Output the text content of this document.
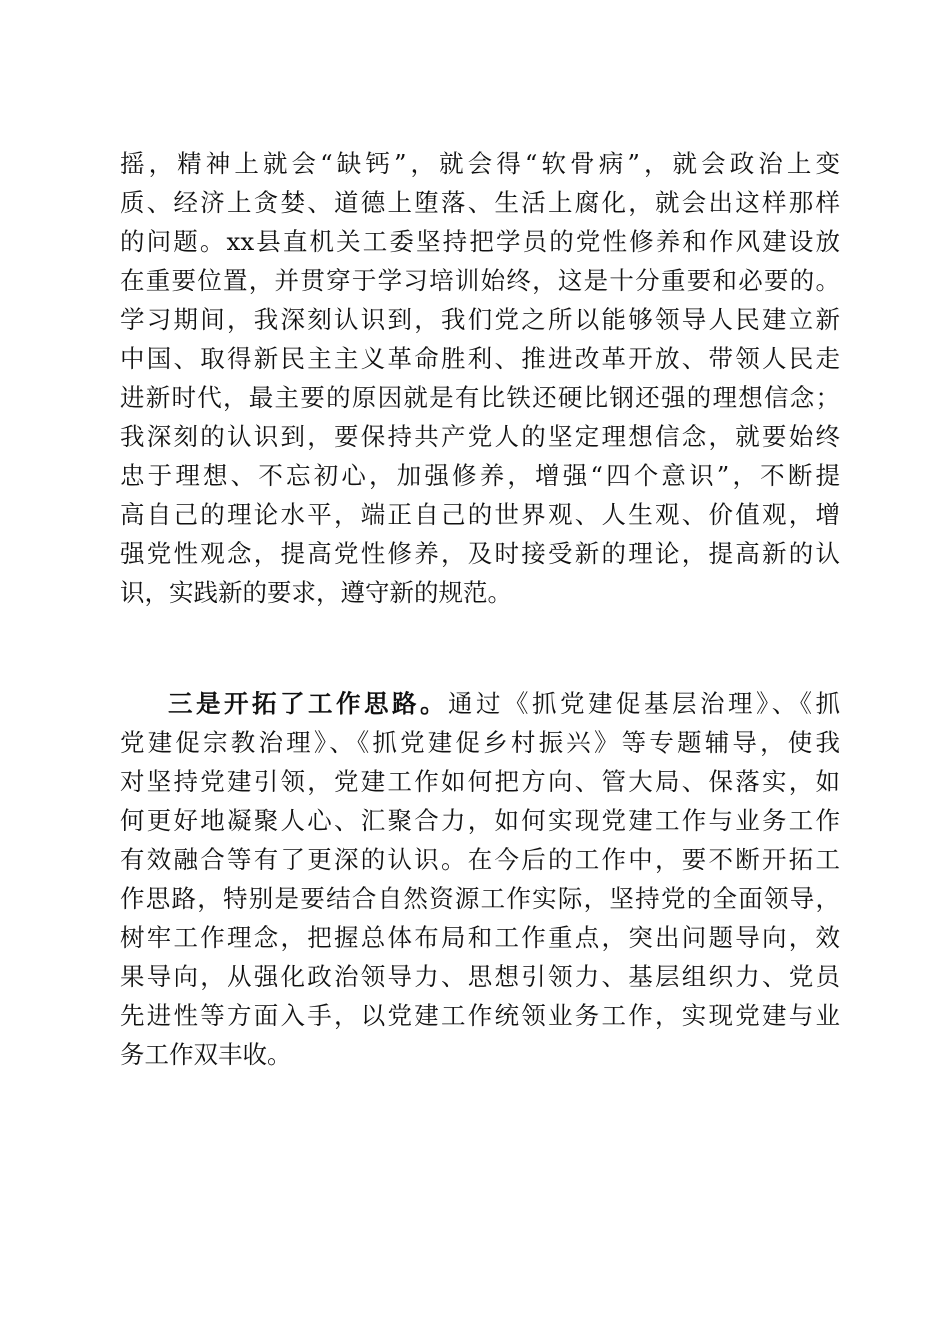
摇，精神上就会“缺钙”，就会得“软骨病”，就会政治上变
质、经济上贪婪、道德上堕落、生活上腐化，就会出这样那样
的问题。xx县直机关工委坚持把学员的党性修养和作风建设放
在重要位置，并贯穿于学习培训始终，这是十分重要和必要的。
学习期间，我深刻认识到，我们党之所以能够领导人民建立新
中国、取得新民主主义革命胜利、推进改革开放、带领人民走
进新时代，最主要的原因就是有比铁还硬比钢还强的理想信念；
我深刻的认识到，要保持共产党人的坚定理想信念，就要始终
忠于理想、不忘初心，加强修养，增强“四个意识”，不断提
高自己的理论水平，端正自己的世界观、人生观、价值观，增
强党性观念，提高党性修养，及时接受新的理论，提高新的认
识，实践新的要求，遵守新的规范。
三是开拓了工作思路。通过《抓党建促基层治理》、《抓
党建促宗教治理》、《抓党建促乡村振兴》等专题辅导，使我
对坚持党建引领，党建工作如何把方向、管大局、保落实，如
何更好地凝聚人心、汇聚合力，如何实现党建工作与业务工作
有效融合等有了更深的认识。在今后的工作中，要不断开拓工
作思路，特别是要结合自然资源工作实际，坚持党的全面领导，
树牢工作理念，把握总体布局和工作重点，突出问题导向，效
果导向，从强化政治领导力、思想引领力、基层组织力、党员
先进性等方面入手，以党建工作统领业务工作，实现党建与业
务工作双丰收。
